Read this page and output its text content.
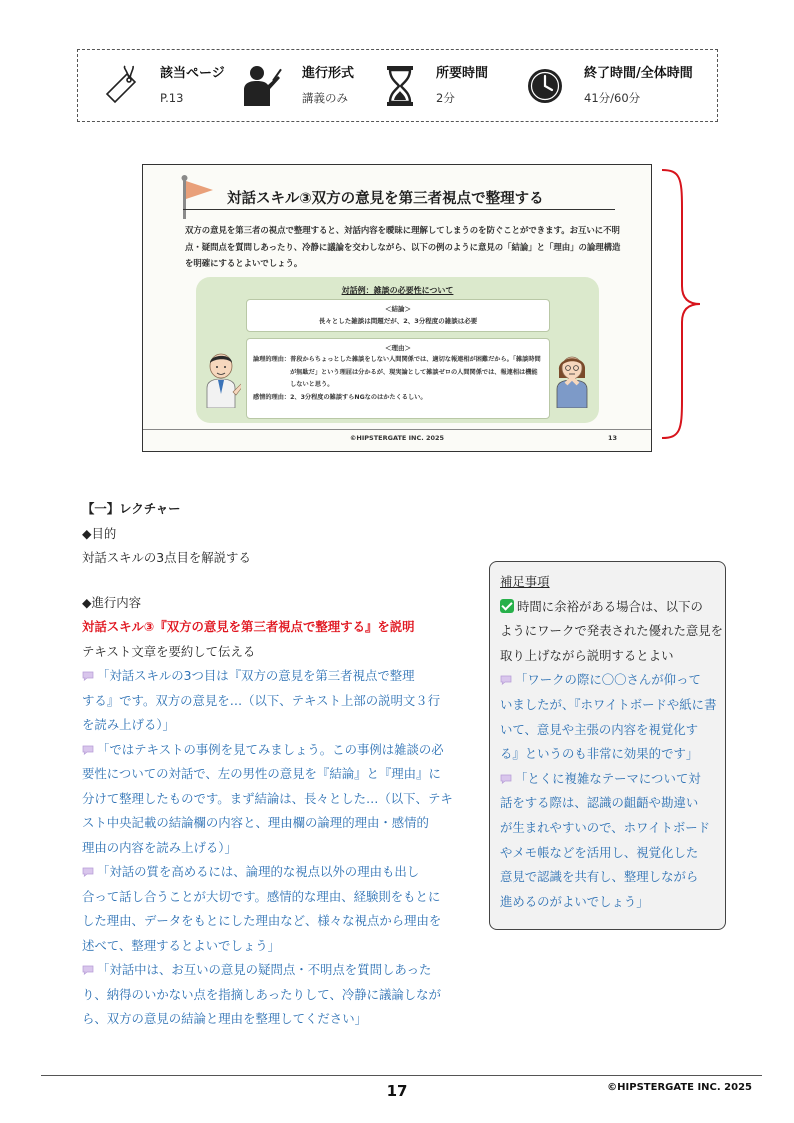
該当ページ
P.13
進行形式
講義のみ
所要時間
2分
終了時間/全体時間
41分/60分
対話スキル③双方の意見を第三者視点で整理する
双方の意見を第三者の視点で整理すると、対話内容を曖昧に理解してしまうのを防ぐことができます。お互いに不明点・疑問点を質問しあったり、冷静に議論を交わしながら、以下の例のように意見の「結論」と「理由」の論理構造を明確にするとよいでしょう。
対話例：雑談の必要性について
＜結論＞
長々とした雑談は問題だが、2、3分程度の雑談は必要
＜理由＞
論理的理由： 普段からちょっとした雑談をしない人間関係では、適切な報連相が困難だから。「雑談時間が無駄だ」という理屈は分かるが、現実論として雑談ゼロの人間関係では、報連相は機能しないと思う。
感情的理由： 2、3分程度の雑談すらNGなのはかたくるしい。
©HIPSTERGATE INC. 2025	13
【一】レクチャー
◆目的
対話スキルの3点目を解説する
◆進行内容
対話スキル③『双方の意見を第三者視点で整理する』を説明
テキスト文章を要約して伝える
「対話スキルの3つ目は『双方の意見を第三者視点で整理
する』です。双方の意見を…（以下、テキスト上部の説明文３行
を読み上げる）」
「ではテキストの事例を見てみましょう。この事例は雑談の必
要性についての対話で、左の男性の意見を『結論』と『理由』に
分けて整理したものです。まず結論は、長々とした…（以下、テキ
スト中央記載の結論欄の内容と、理由欄の論理的理由・感情的
理由の内容を読み上げる）」
「対話の質を高めるには、論理的な視点以外の理由も出し
合って話し合うことが大切です。感情的な理由、経験則をもとに
した理由、データをもとにした理由など、様々な視点から理由を
述べて、整理するとよいでしょう」
「対話中は、お互いの意見の疑問点・不明点を質問しあった
り、納得のいかない点を指摘しあったりして、冷静に議論しなが
ら、双方の意見の結論と理由を整理してください」
補足事項
時間に余裕がある場合は、以下の
ようにワークで発表された優れた意見を
取り上げながら説明するとよい
「ワークの際に〇〇さんが仰って
いましたが、『ホワイトボードや紙に書
いて、意見や主張の内容を視覚化す
る』というのも非常に効果的です」
「とくに複雑なテーマについて対
話をする際は、認識の齟齬や勘違い
が生まれやすいので、ホワイトボード
やメモ帳などを活用し、視覚化した
意見で認識を共有し、整理しながら
進めるのがよいでしょう」
17	©HIPSTERGATE INC. 2025
